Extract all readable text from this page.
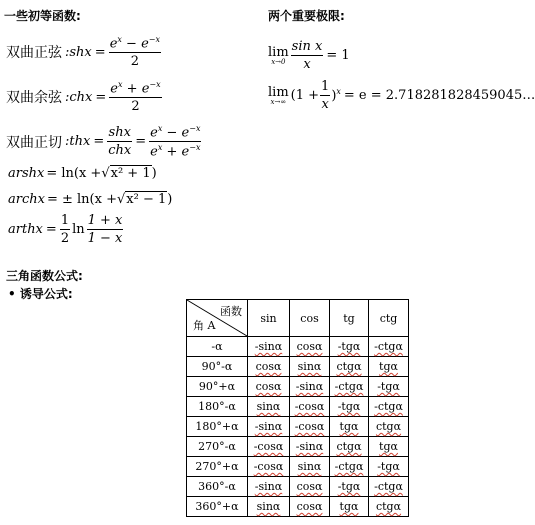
一些初等函数:	两个重要极限:
双曲正弦 : shx = $\frac{e^x - e^{-x}}{2}$
双曲余弦 : chx = $\frac{e^x + e^{-x}}{2}$
双曲正切 : thx = $\frac{\text{shx}}{\text{chx}} = \frac{e^x - e^{-x}}{e^x + e^{-x}}$
arshx = ln(x + √ x² + 1 )
archx = ± ln(x + √ x² − 1 )
arthx = $\frac{1}{2}$ $\ln \frac{1 + x}{1 - x}$
lim
$x\to 0 \frac{\text{sin x}}{x} = 1$
lim
x→∞ $(1 + \frac{1}{x} )^x = e$ = 2.718281828459045…
三角函数公式:
• 诱导公式:
函数
角 A	sin	cos	tg	ctg
-α	-sinα	cosα	-tgα	-ctgα
90°-α	cosα	sinα	ctgα	tgα
90°+α	cosα	-sinα	-ctgα	-tgα
180°-α	sinα	-cosα	-tgα	-ctgα
180°+α	-sinα	-cosα	tgα	ctgα
270°-α	-cosα	-sinα	ctgα	tgα
270°+α	-cosα	sinα	-ctgα	-tgα
360°-α	-sinα	cosα	-tgα	-ctgα
360°+α	sinα	cosα	tgα	ctgα
